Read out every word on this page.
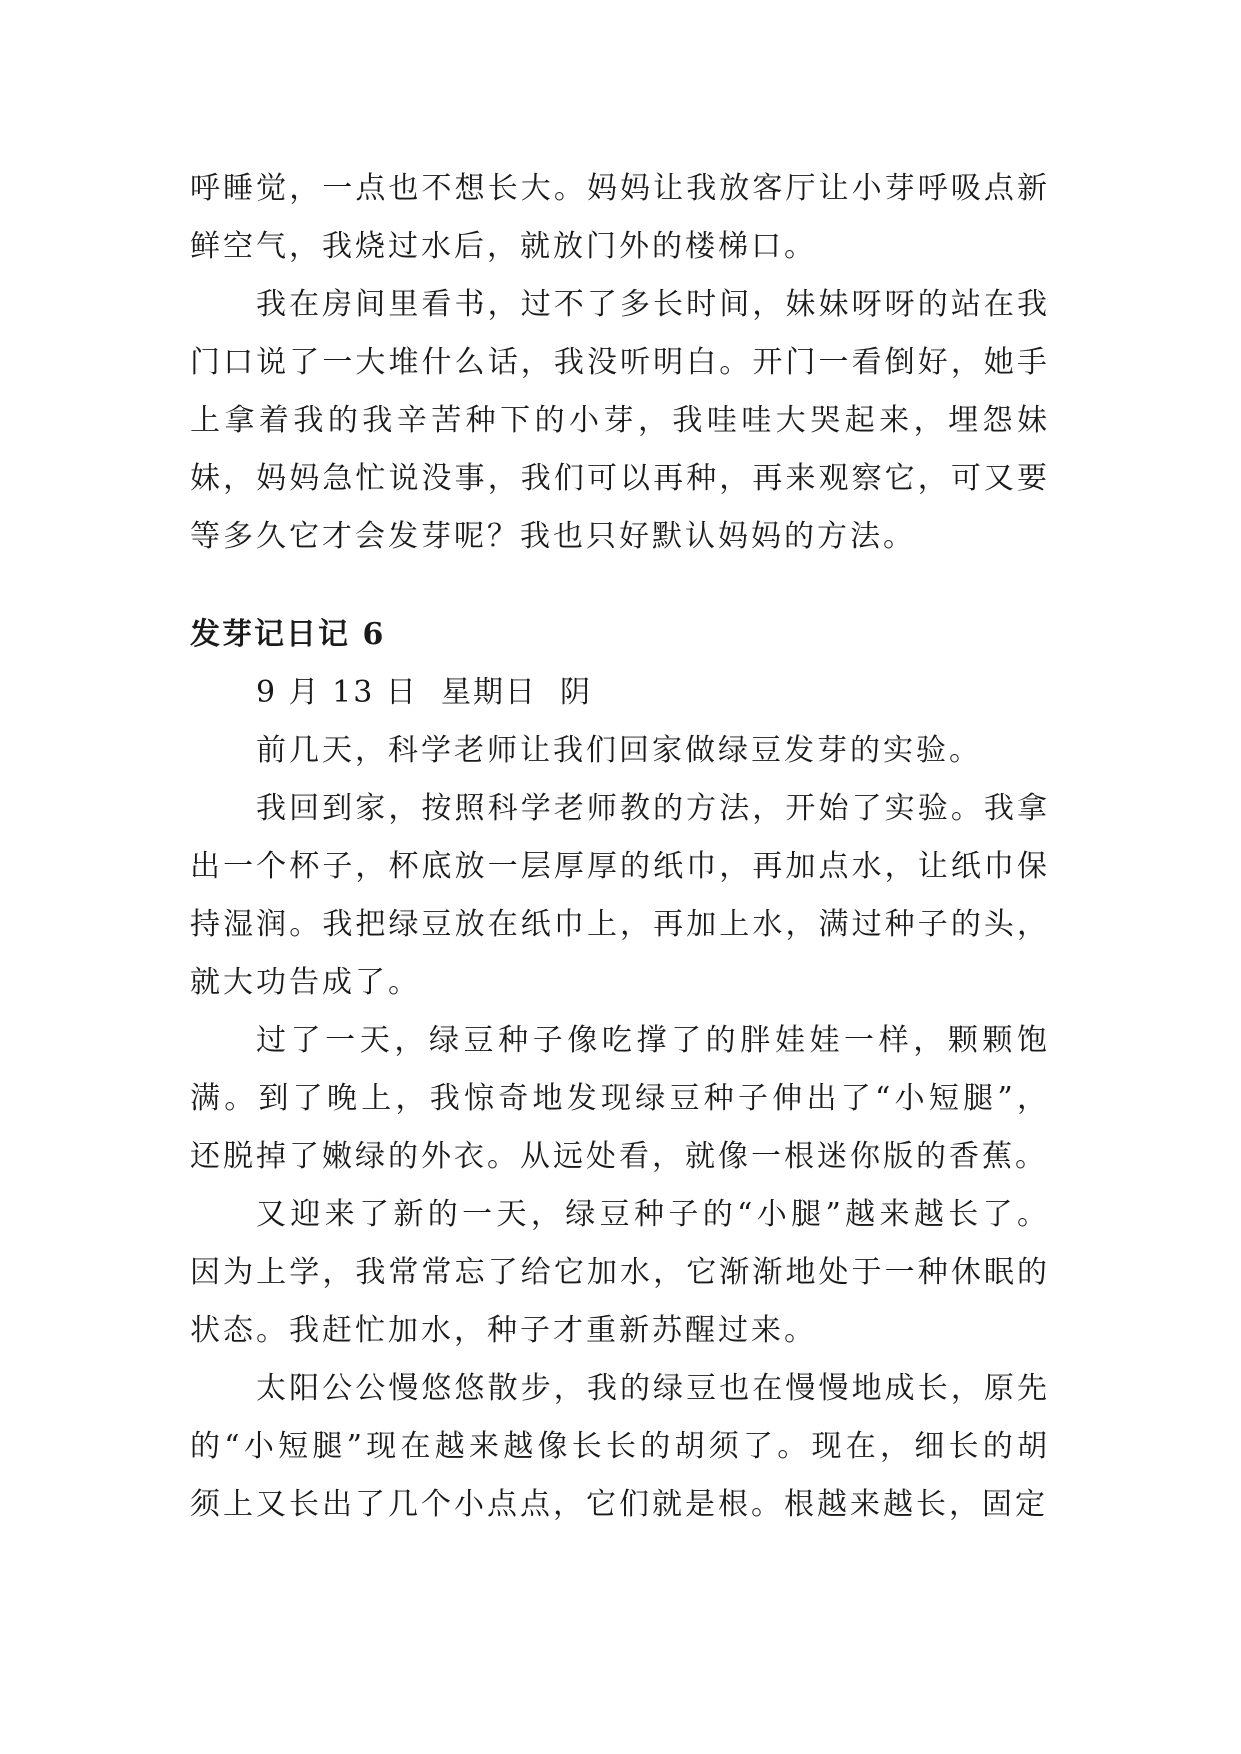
呼睡觉，一点也不想长大。妈妈让我放客厅让小芽呼吸点新鲜空气，我烧过水后，就放门外的楼梯口。

我在房间里看书，过不了多长时间，妹妹呀呀的站在我门口说了一大堆什么话，我没听明白。开门一看倒好，她手上拿着我的我辛苦种下的小芽，我哇哇大哭起来，埋怨妹妹，妈妈急忙说没事，我们可以再种，再来观察它，可又要等多久它才会发芽呢？我也只好默认妈妈的方法。

发芽记日记 6

9 月 13 日  星期日  阴

前几天，科学老师让我们回家做绿豆发芽的实验。

我回到家，按照科学老师教的方法，开始了实验。我拿出一个杯子，杯底放一层厚厚的纸巾，再加点水，让纸巾保持湿润。我把绿豆放在纸巾上，再加上水，满过种子的头，就大功告成了。

过了一天，绿豆种子像吃撑了的胖娃娃一样，颗颗饱满。到了晚上，我惊奇地发现绿豆种子伸出了“小短腿”，还脱掉了嫩绿的外衣。从远处看，就像一根迷你版的香蕉。

又迎来了新的一天，绿豆种子的“小腿”越来越长了。因为上学，我常常忘了给它加水，它渐渐地处于一种休眠的状态。我赶忙加水，种子才重新苏醒过来。

太阳公公慢悠悠散步，我的绿豆也在慢慢地成长，原先的“小短腿”现在越来越像长长的胡须了。现在，细长的胡须上又长出了几个小点点，它们就是根。根越来越长，固定
